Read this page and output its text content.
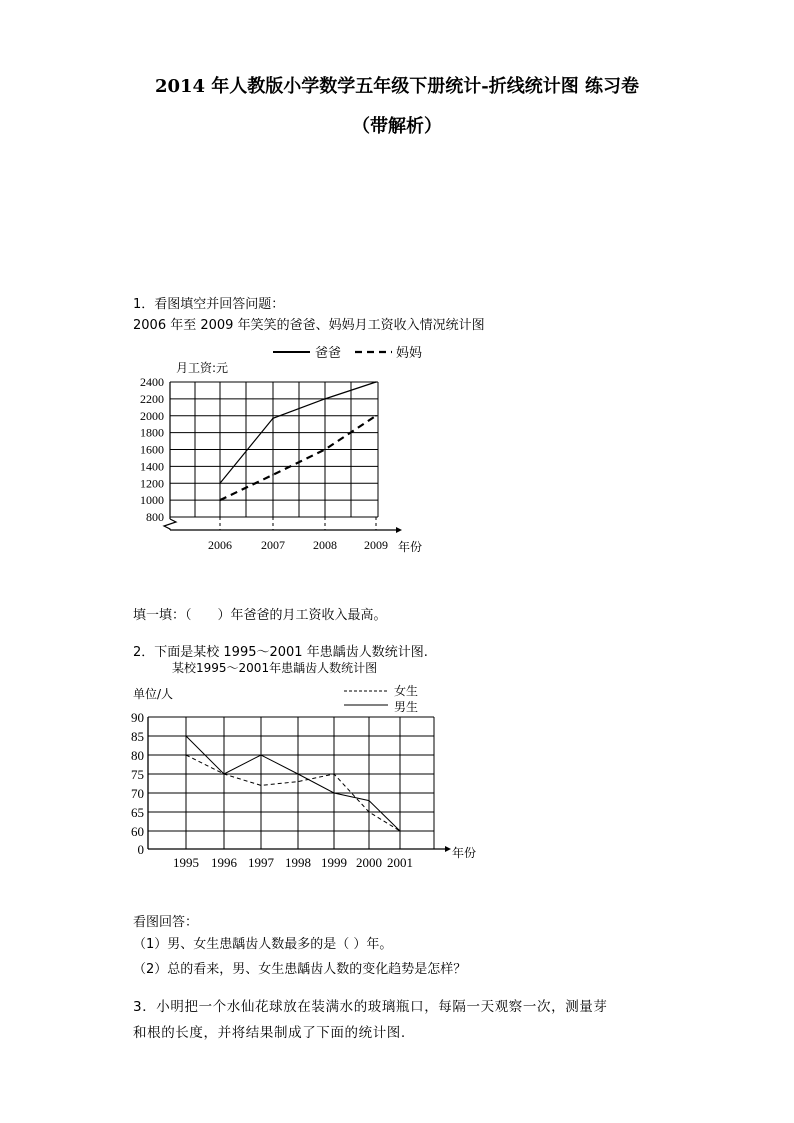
2014 年人教版小学数学五年级下册统计-折线统计图 练习卷
（带解析）
1．看图填空并回答问题：
2006 年至 2009 年笑笑的爸爸、妈妈月工资收入情况统计图
800
1000
1200
1400
1600
1800
2000
2200
2400
2006 2007 2008 2009
爸爸	妈妈
月工资:元
年份
填一填：（　　）年爸爸的月工资收入最高。
2．下面是某校 1995～2001 年患龋齿人数统计图.
某校1995～2001年患龋齿人数统计图
单位/人	女生
男生
0
60
65
70
75
80
85
90
1995 1996 1997 1998 1999 2000 2001
年份
看图回答：
（1）男、女生患龋齿人数最多的是（ ）年。
（2）总的看来，男、女生患龋齿人数的变化趋势是怎样？
3．小明把一个水仙花球放在装满水的玻璃瓶口，每隔一天观察一次，测量芽
和根的长度，并将结果制成了下面的统计图.
